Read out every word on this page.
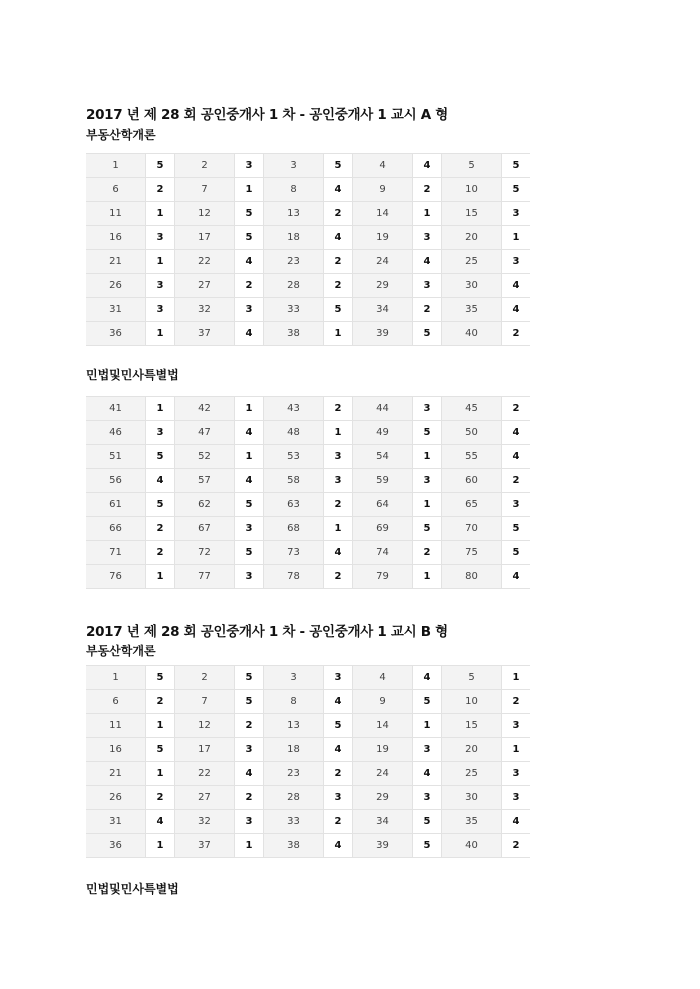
2017 년 제 28 회 공인중개사 1 차 - 공인중개사 1 교시 A 형
부동산학개론
1	5	2	3	3	5	4	4	5	5
6	2	7	1	8	4	9	2	10	5
11	1	12	5	13	2	14	1	15	3
16	3	17	5	18	4	19	3	20	1
21	1	22	4	23	2	24	4	25	3
26	3	27	2	28	2	29	3	30	4
31	3	32	3	33	5	34	2	35	4
36	1	37	4	38	1	39	5	40	2
민법및민사특별법
41	1	42	1	43	2	44	3	45	2
46	3	47	4	48	1	49	5	50	4
51	5	52	1	53	3	54	1	55	4
56	4	57	4	58	3	59	3	60	2
61	5	62	5	63	2	64	1	65	3
66	2	67	3	68	1	69	5	70	5
71	2	72	5	73	4	74	2	75	5
76	1	77	3	78	2	79	1	80	4
2017 년 제 28 회 공인중개사 1 차 - 공인중개사 1 교시 B 형
부동산학개론
1	5	2	5	3	3	4	4	5	1
6	2	7	5	8	4	9	5	10	2
11	1	12	2	13	5	14	1	15	3
16	5	17	3	18	4	19	3	20	1
21	1	22	4	23	2	24	4	25	3
26	2	27	2	28	3	29	3	30	3
31	4	32	3	33	2	34	5	35	4
36	1	37	1	38	4	39	5	40	2
민법및민사특별법
